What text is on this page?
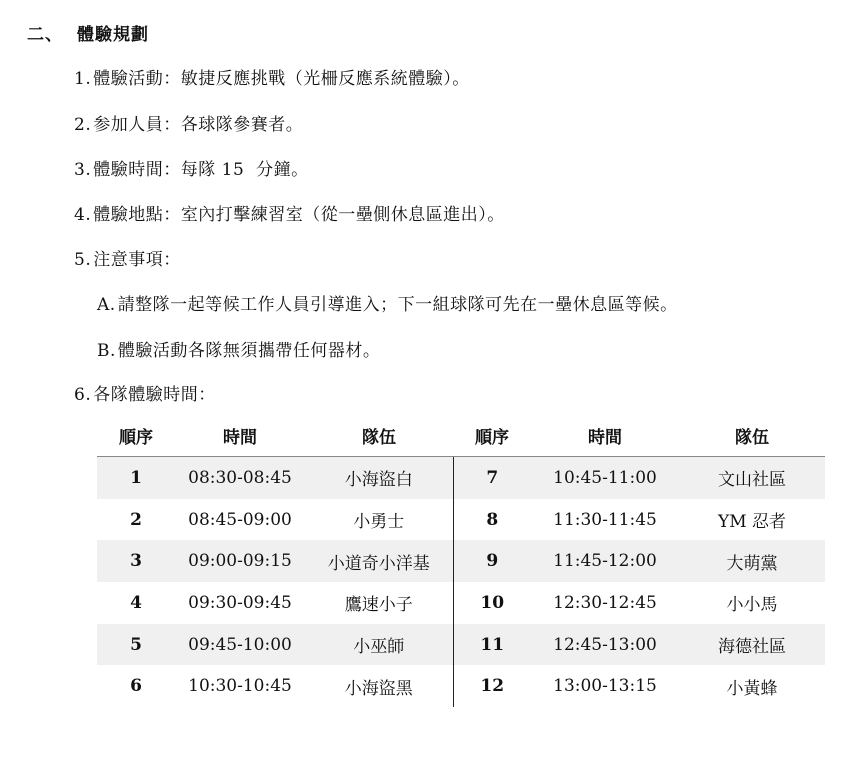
二、 體驗規劃
1. 體驗活動：敏捷反應挑戰（光柵反應系統體驗）。
2. 参加人員：各球隊參賽者。
3. 體驗時間：每隊 15  分鐘。
4. 體驗地點：室內打擊練習室（從一壘側休息區進出）。
5. 注意事項：
A. 請整隊一起等候工作人員引導進入；下一組球隊可先在一壘休息區等候。
B. 體驗活動各隊無須攜帶任何器材。
6. 各隊體驗時間：
順序	時間	隊伍	順序	時間	隊伍
1	08:30-08:45	小海盜白	7	10:45-11:00	文山社區
2	08:45-09:00	小勇士	8	11:30-11:45	YM 忍者
3	09:00-09:15	小道奇小洋基	9	11:45-12:00	大萌黨
4	09:30-09:45	鷹速小子	10	12:30-12:45	小小馬
5	09:45-10:00	小巫師	11	12:45-13:00	海德社區
6	10:30-10:45	小海盜黑	12	13:00-13:15	小黃蜂
